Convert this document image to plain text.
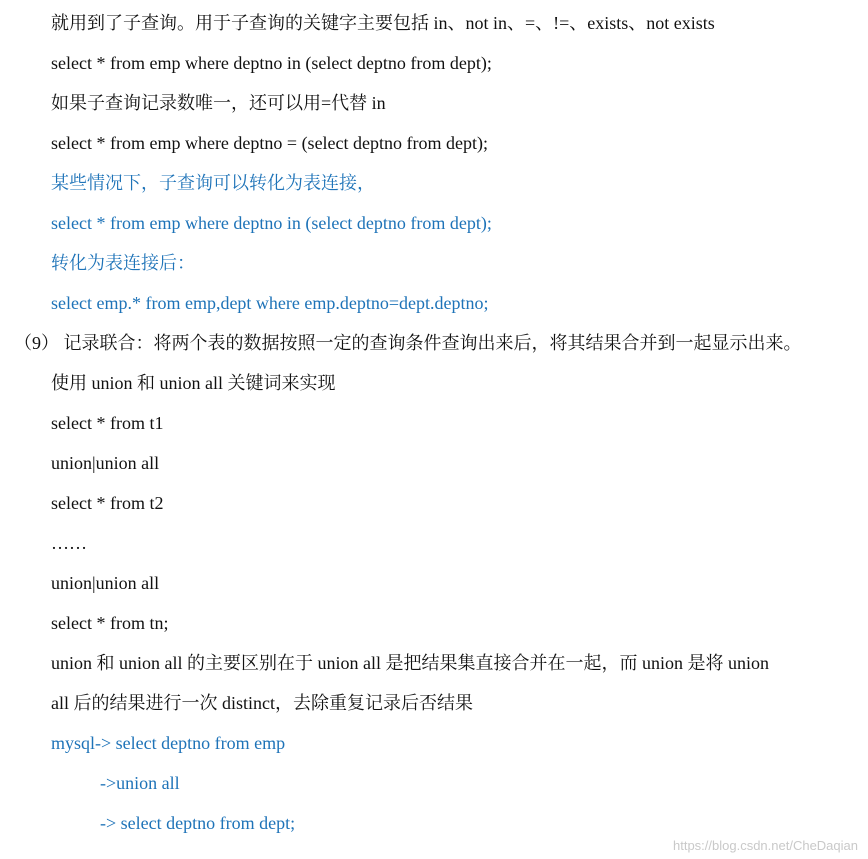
就用到了子查询。用于子查询的关键字主要包括 in、not in、=、!=、exists、not exists
select * from emp where deptno in (select deptno from dept);
如果子查询记录数唯一，还可以用=代替 in
select * from emp where deptno = (select deptno from dept);
某些情况下，子查询可以转化为表连接，
select * from emp where deptno in (select deptno from dept);
转化为表连接后：
select emp.* from emp,dept where emp.deptno=dept.deptno;
（9） 记录联合：将两个表的数据按照一定的查询条件查询出来后，将其结果合并到一起显示出来。
使用 union 和 union all 关键词来实现
select * from t1
union|union all
select * from t2
……
union|union all
select * from tn;
union 和 union all 的主要区别在于 union all 是把结果集直接合并在一起，而 union 是将 union
all 后的结果进行一次 distinct，去除重复记录后否结果
mysql-> select deptno from emp
->union all
-> select deptno from dept;
https://blog.csdn.net/CheDaqian
